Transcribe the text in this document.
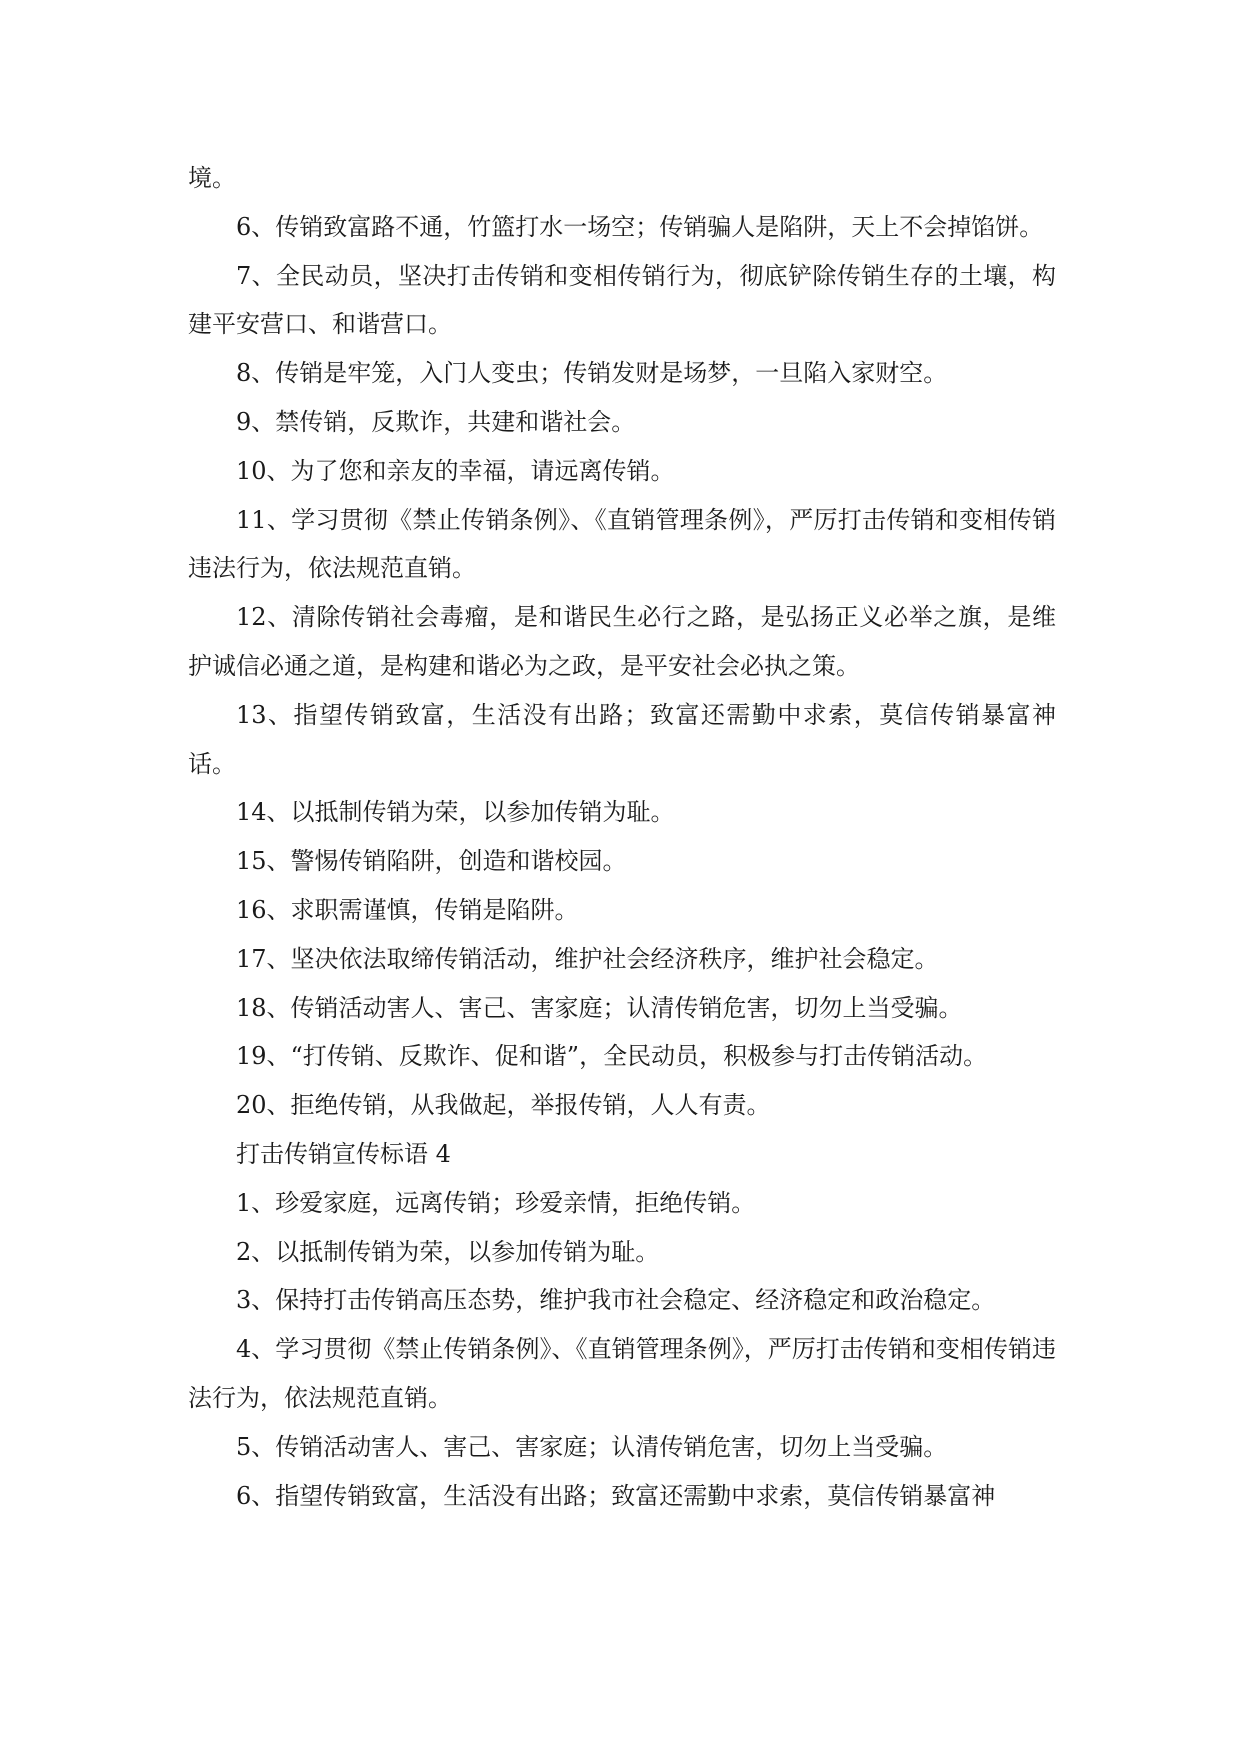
境。

6、传销致富路不通，竹篮打水一场空；传销骗人是陷阱，天上不会掉馅饼。

7、全民动员，坚决打击传销和变相传销行为，彻底铲除传销生存的土壤，构建平安营口、和谐营口。

8、传销是牢笼，入门人变虫；传销发财是场梦，一旦陷入家财空。

9、禁传销，反欺诈，共建和谐社会。

10、为了您和亲友的幸福，请远离传销。

11、学习贯彻《禁止传销条例》、《直销管理条例》，严厉打击传销和变相传销违法行为，依法规范直销。

12、清除传销社会毒瘤，是和谐民生必行之路，是弘扬正义必举之旗，是维护诚信必通之道，是构建和谐必为之政，是平安社会必执之策。

13、指望传销致富，生活没有出路；致富还需勤中求索，莫信传销暴富神话。

14、以抵制传销为荣，以参加传销为耻。

15、警惕传销陷阱，创造和谐校园。

16、求职需谨慎，传销是陷阱。

17、坚决依法取缔传销活动，维护社会经济秩序，维护社会稳定。

18、传销活动害人、害己、害家庭；认清传销危害，切勿上当受骗。

19、“打传销、反欺诈、促和谐”，全民动员，积极参与打击传销活动。

20、拒绝传销，从我做起，举报传销，人人有责。

打击传销宣传标语 4

1、珍爱家庭，远离传销；珍爱亲情，拒绝传销。

2、以抵制传销为荣，以参加传销为耻。

3、保持打击传销高压态势，维护我市社会稳定、经济稳定和政治稳定。

4、学习贯彻《禁止传销条例》、《直销管理条例》，严厉打击传销和变相传销违法行为，依法规范直销。

5、传销活动害人、害己、害家庭；认清传销危害，切勿上当受骗。

6、指望传销致富，生活没有出路；致富还需勤中求索，莫信传销暴富神
